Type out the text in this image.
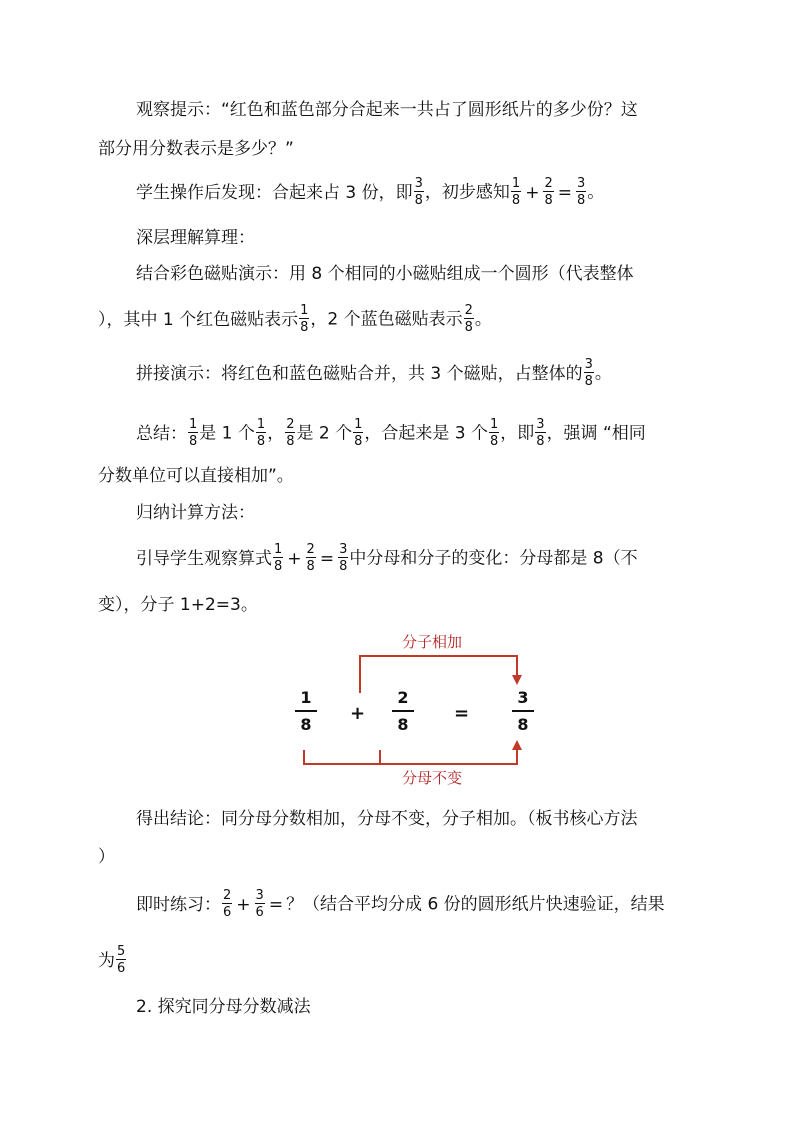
观察提示：“红色和蓝色部分合起来一共占了圆形纸片的多少份？这
部分用分数表示是多少？”
学生操作后发现：合起来占 3 份，即 $\frac{3}{8}$ ，初步感知 $\frac{1}{8} + \frac{2}{8} = \frac{3}{8}$ 。
深层理解算理：
结合彩色磁贴演示：用 8 个相同的小磁贴组成一个圆形（代表整体
），其中 1 个红色磁贴表示 $\frac{1}{8}$ ，2 个蓝色磁贴表示 $\frac{2}{8}$ 。
拼接演示：将红色和蓝色磁贴合并，共 3 个磁贴，占整体的 $\frac{3}{8}$ 。
总结： $\frac{1}{8}$ 是 1 个 $\frac{1}{8}$ ， $\frac{2}{8}$ 是 2 个 $\frac{1}{8}$ ，合起来是 3 个 $\frac{1}{8}$ ，即 $\frac{3}{8}$ ，强调 “相同
分数单位可以直接相加”。
归纳计算方法：
引导学生观察算式 $\frac{1}{8} + \frac{2}{8} = \frac{3}{8}$ 中分母和分子的变化：分母都是 8（不
变），分子 1+2=3。
分子相加
分母不变
1
8
+
2
8
=
3
8
得出结论：同分母分数相加，分母不变，分子相加。（板书核心方法
）
即时练习： $\frac{2}{6} + \frac{3}{6}$ = ？（结合平均分成 6 份的圆形纸片快速验证，结果
为 $\frac{5}{6}$
2. 探究同分母分数减法
